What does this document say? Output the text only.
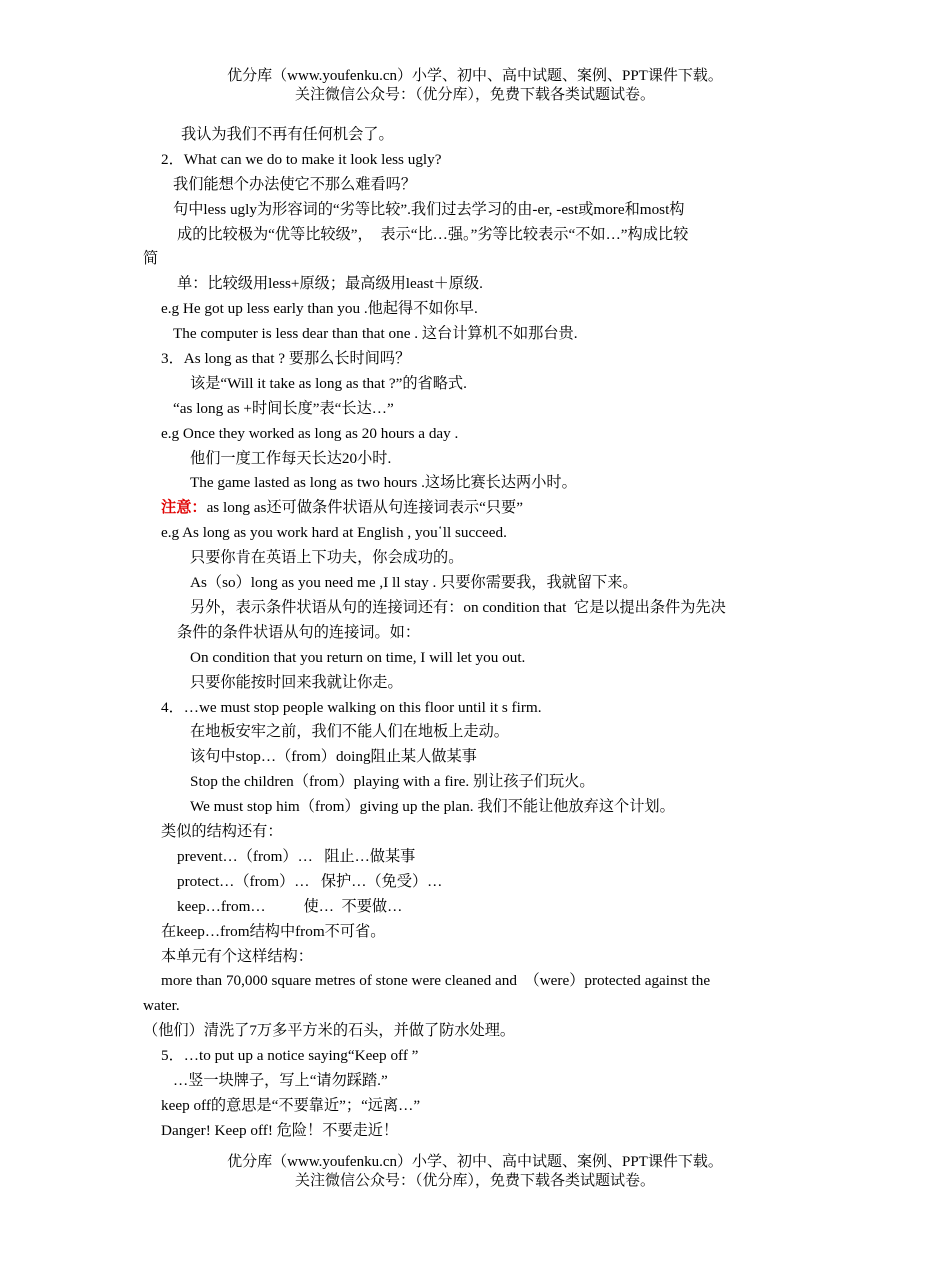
优分库（www.youfenku.cn）小学、初中、高中试题、案例、PPT课件下载。
关注微信公众号：（优分库），免费下载各类试题试卷。
我认为我们不再有任何机会了。
2．What can we do to make it look less ugly?
我们能想个办法使它不那么难看吗？
句中less ugly为形容词的“劣等比较”.我们过去学习的由-er, -est或more和most构
成的比较极为“优等比较级”，  表示“比…强。”劣等比较表示“不如…”构成比较
简
单：比较级用less+原级；最高级用least＋原级.
e.g He got up less early than you .他起得不如你早.
The computer is less dear than that one . 这台计算机不如那台贵.
3．As long as that ? 要那么长时间吗？
该是“Will it take as long as that ?”的省略式.
“as long as +时间长度”表“长达…”
e.g Once they worked as long as 20 hours a day .
他们一度工作每天长达20小时.
The game lasted as long as two hours .这场比赛长达两小时。
注意：as long as还可做条件状语从句连接词表示“只要”
e.g As long as you work hard at English , you῾ll succeed.
只要你肯在英语上下功夫，你会成功的。
As（so）long as you need me ,I ll stay . 只要你需要我，我就留下来。
另外，表示条件状语从句的连接词还有：on condition that  它是以提出条件为先决
条件的条件状语从句的连接词。如：
On condition that you return on time, I will let you out.
只要你能按时回来我就让你走。
4．…we must stop people walking on this floor until it s firm.
在地板安牢之前，我们不能人们在地板上走动。
该句中stop…（from）doing阻止某人做某事
Stop the children（from）playing with a fire. 别让孩子们玩火。
We must stop him（from）giving up the plan. 我们不能让他放弃这个计划。
类似的结构还有：
prevent…（from）…   阻止…做某事
protect…（from）…   保护…（免受）…
keep…from…          使…  不要做…
在keep…from结构中from不可省。
本单元有个这样结构：
more than 70,000 square metres of stone were cleaned and  （were）protected against the
water.
（他们）清洗了7万多平方米的石头，并做了防水处理。
5．…to put up a notice saying“Keep off ”
…竖一块牌子，写上“请勿踩踏.”
keep off的意思是“不要靠近”；“远离…”
Danger! Keep off! 危险！不要走近！
优分库（www.youfenku.cn）小学、初中、高中试题、案例、PPT课件下载。
关注微信公众号：（优分库），免费下载各类试题试卷。
